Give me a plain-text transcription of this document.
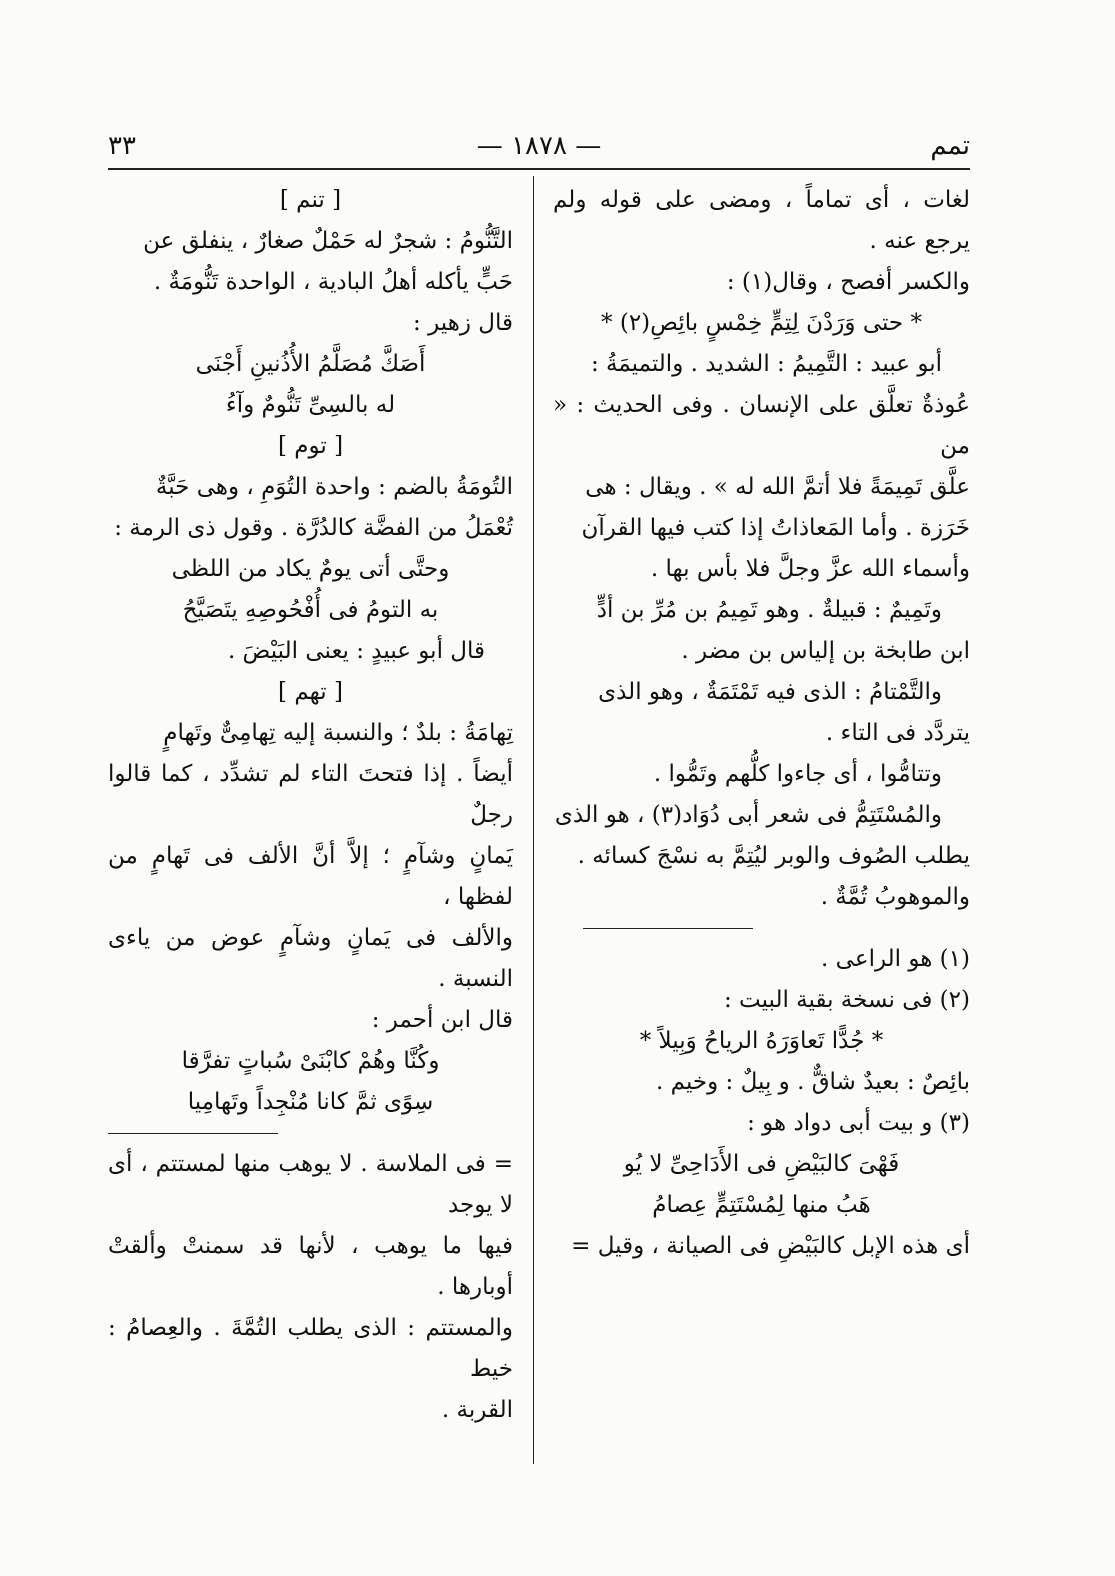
تمم
— ١٨٧٨ —
٣٣

لغات ، أى تماماً ، ومضى على قوله ولم يرجع عنه .

والكسر أفصح ، وقال(١) :

* حتى وَرَدْنَ لِتِمٍّ خِمْسٍ بائِصِ(٢) *

أبو عبيد : التَّمِيمُ : الشديد . والتميمَةُ :

عُوذةٌ تعلَّق على الإنسان . وفى الحديث : « من

علَّق تَمِيمَةً فلا أتمَّ الله له » . ويقال : هى

خَرَزة . وأما المَعاذاتُ إذا كتب فيها القرآن

وأسماء الله عزَّ وجلَّ فلا بأس بها .

وتَمِيمٌ : قبيلةٌ . وهو تَمِيمُ بن مُرِّ بن أدٍّ

ابن طابخة بن إلياس بن مضر .

والتَّمْتامُ : الذى فيه تَمْتَمَةٌ ، وهو الذى

يتردَّد فى التاء .

وتتامُّوا ، أى جاءوا كلُّهم وتَمُّوا .

والمُسْتَتِمُّ فى شعر أبى دُوَاد(٣) ، هو الذى

يطلب الصُوف والوبر ليُتِمَّ به نسْجَ كسائه .

والموهوبُ تُمَّةٌ .

(١) هو الراعى .

(٢) فى نسخة بقية البيت :

* جُدًّا تَعاوَرَهُ الرياحُ وَبِيلاً *

بائِصٌ : بعيدٌ شاقٌّ . و بِيلٌ : وخيم .

(٣) و بيت أبى دواد هو :

فَهْىَ كالبَيْضِ فى الأَدَاحِىِّ لا يُو

هَبُ منها لِمُسْتَتِمٍّ عِصامُ

أى هذه الإبل كالبَيْضِ فى الصيانة ، وقيل =

[ تنم ]

التَّنُّومُ : شجرٌ له حَمْلٌ صغارٌ ، ينفلق عن

حَبٍّ يأكله أهلُ البادية ، الواحدة تَنُّومَةٌ .

قال زهير :

أَصَكَّ مُصَلَّمُ الأُذُنينِ أَجْنَى

له بالسِىِّ تَنُّومٌ وآءُ

[ توم ]

التُومَةُ بالضم : واحدة التُوَمِ ، وهى حَبَّةٌ

تُعْمَلُ من الفضَّة كالدُرَّة . وقول ذى الرمة :

وحتَّى أتى يومٌ يكاد من اللظى

به التومُ فى أُفْحُوصِهِ يتَصَيَّحُ

قال أبو عبيدٍ : يعنى البَيْضَ .

[ تهم ]

تِهامَةُ : بلدٌ ؛ والنسبة إليه تِهامِىٌّ وتَهامٍ

أيضاً . إذا فتحتَ التاء لم تشدِّد ، كما قالوا رجلٌ

يَمانٍ وشآمٍ ؛ إلاَّ أنَّ الألف فى تَهامٍ من لفظها ،

والألف فى يَمانٍ وشآمٍ عوض من ياءى النسبة .

قال ابن أحمر :

وكُنَّا وهُمْ كابْنَىْ سُباتٍ تفرَّقا

سِوًى ثمَّ كانا مُنْجِداً وتَهامِيا

= فى الملاسة . لا يوهب منها لمستتم ، أى لا يوجد

فيها ما يوهب ، لأنها قد سمنتْ وألقتْ أوبارها .

والمستتم : الذى يطلب التُمَّةَ . والعِصامُ : خيط

القربة .
